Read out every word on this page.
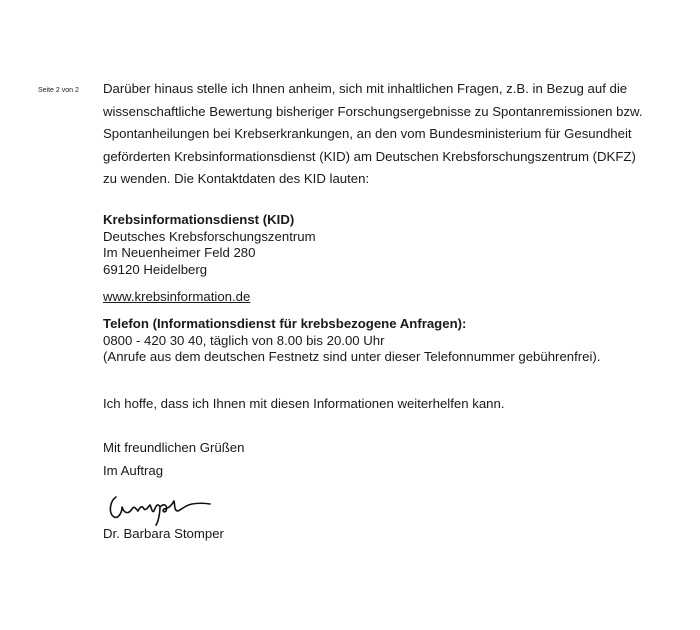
Seite 2 von 2 Darüber hinaus stelle ich Ihnen anheim, sich mit inhaltlichen Fragen, z.B. in Bezug auf die
wissenschaftliche Bewertung bisheriger Forschungsergebnisse zu Spontanremissionen bzw.
Spontanheilungen bei Krebserkrankungen, an den vom Bundesministerium für Gesundheit
geförderten Krebsinformationsdienst (KID) am Deutschen Krebsforschungszentrum (DKFZ)
zu wenden. Die Kontaktdaten des KID lauten:

Krebsinformationsdienst (KID)
Deutsches Krebsforschungszentrum
Im Neuenheimer Feld 280
69120 Heidelberg
www.krebsinformation.de
Telefon (Informationsdienst für krebsbezogene Anfragen):
0800 - 420 30 40, täglich von 8.00 bis 20.00 Uhr
(Anrufe aus dem deutschen Festnetz sind unter dieser Telefonnummer gebührenfrei).
Ich hoffe, dass ich Ihnen mit diesen Informationen weiterhelfen kann.
Mit freundlichen Grüßen
Im Auftrag
Dr. Barbara Stomper
